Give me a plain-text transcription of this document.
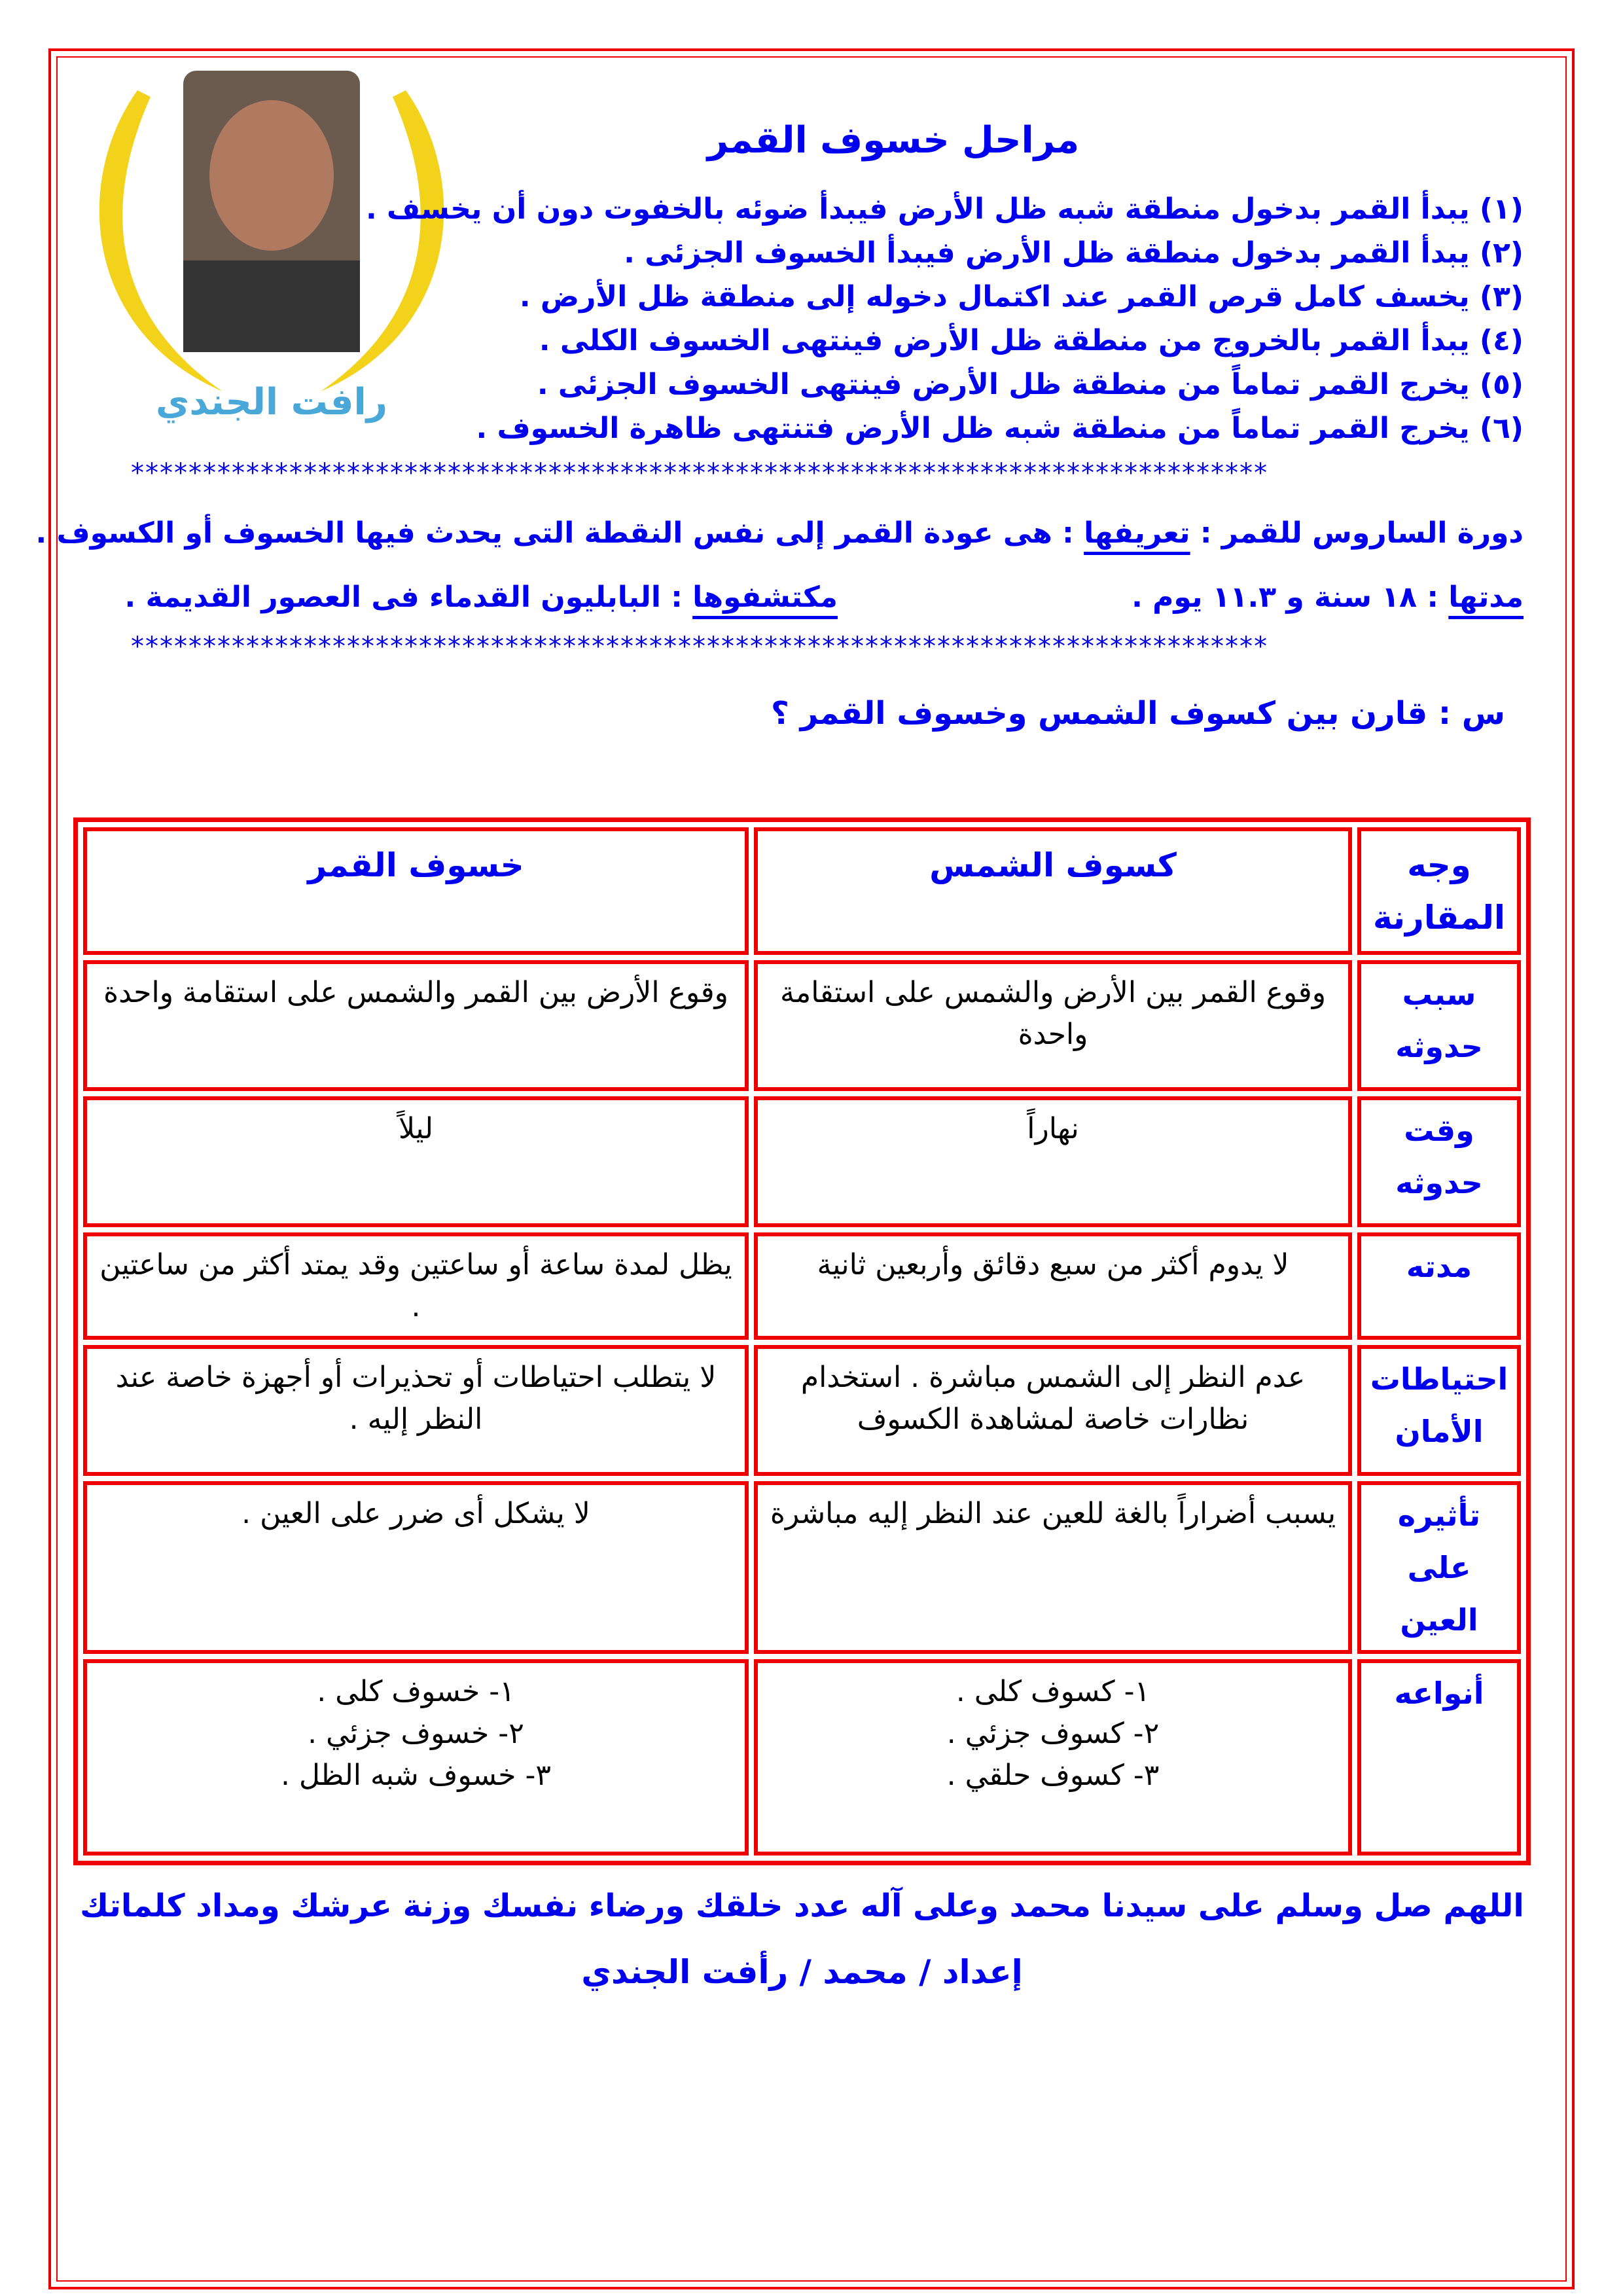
رافت الجندي
مراحل خسوف القمر
(١) يبدأ القمر بدخول منطقة شبه ظل الأرض فيبدأ ضوئه بالخفوت دون أن يخسف .
(٢) يبدأ القمر بدخول منطقة ظل الأرض فيبدأ الخسوف الجزئى .
(٣) يخسف كامل قرص القمر عند اكتمال دخوله إلى منطقة ظل الأرض .
(٤) يبدأ القمر بالخروج من منطقة ظل الأرض فينتهى الخسوف الكلى .
(٥) يخرج القمر تماماً من منطقة ظل الأرض فينتهى الخسوف الجزئى .
(٦) يخرج القمر تماماً من منطقة شبه ظل الأرض فتنتهى ظاهرة الخسوف .
*******************************************************************************
دورة الساروس للقمر : تعريفها : هى عودة القمر إلى نفس النقطة التى يحدث فيها الخسوف أو الكسوف .
مدتها : ١٨ سنة و ١١.٣ يوم .
مكتشفوها : البابليون القدماء فى العصور القديمة .
*******************************************************************************
س : قارن بين كسوف الشمس وخسوف القمر ؟
وجه المقارنة	كسوف الشمس	خسوف القمر
سبب حدوثه	وقوع القمر بين الأرض والشمس على استقامة واحدة	وقوع الأرض بين القمر والشمس على استقامة واحدة
وقت حدوثه	نهاراً	ليلاً
مدته	لا يدوم أكثر من سبع دقائق وأربعين ثانية	يظل لمدة ساعة أو ساعتين وقد يمتد أكثر من ساعتين .
احتياطات الأمان	عدم النظر إلى الشمس مباشرة . استخدام نظارات خاصة لمشاهدة الكسوف	لا يتطلب احتياطات أو تحذيرات أو أجهزة خاصة عند النظر إليه .
تأثيره على العين	يسبب أضراراً بالغة للعين عند النظر إليه مباشرة	لا يشكل أى ضرر على العين .
أنواعه	١- كسوف كلى .
٢- كسوف جزئي .
٣- كسوف حلقي .	١- خسوف كلى .
٢- خسوف جزئي .
٣- خسوف شبه الظل .
اللهم صل وسلم على سيدنا محمد وعلى آله عدد خلقك ورضاء نفسك وزنة عرشك ومداد كلماتك
إعداد / محمد / رأفت الجندي
